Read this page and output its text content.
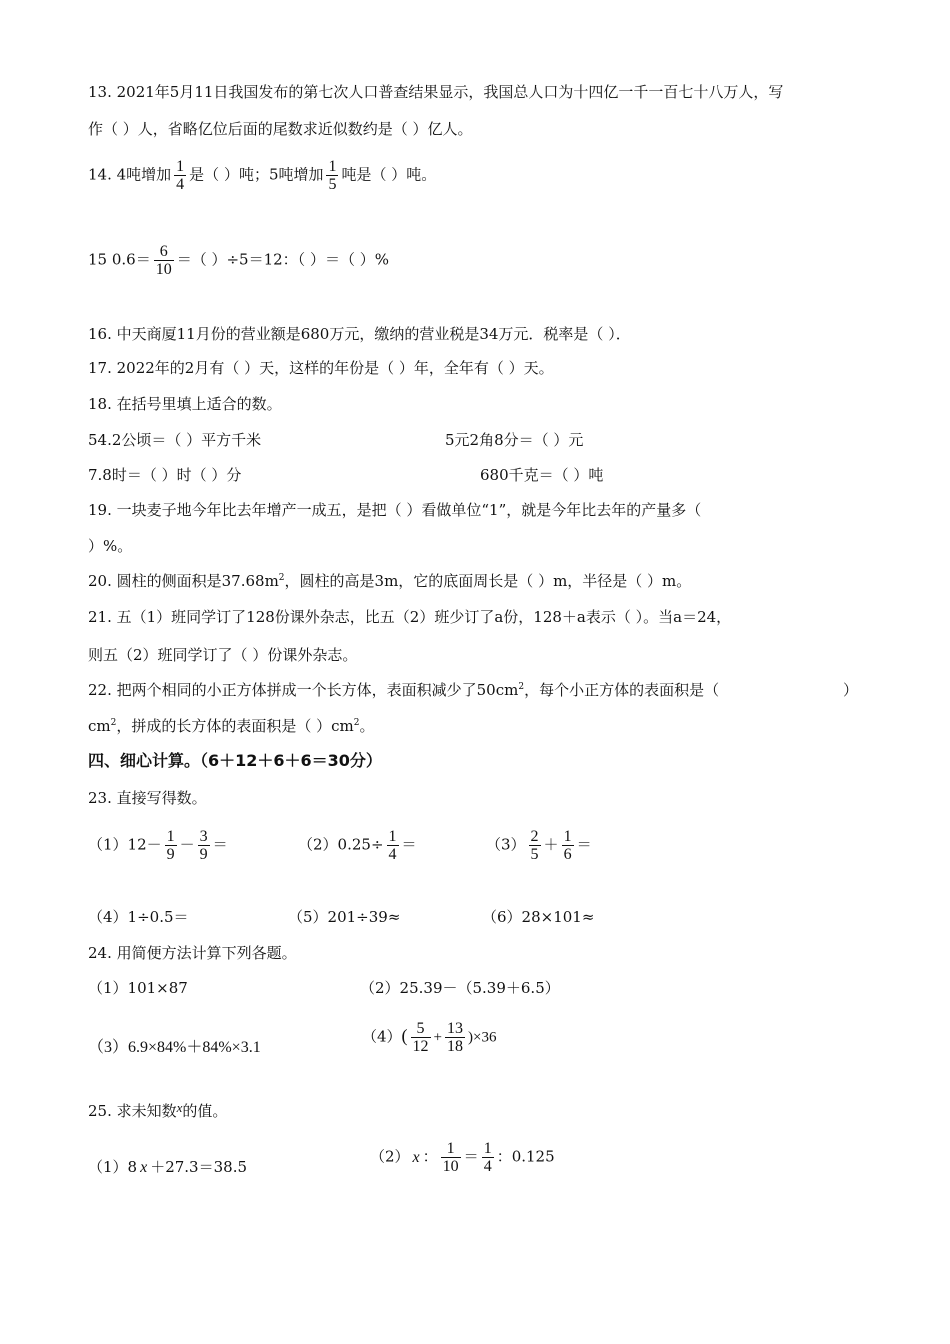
13. 2021年5月11日我国发布的第七次人口普查结果显示，我国总人口为十四亿一千一百七十八万人，写
作（ ）人，省略亿位后面的尾数求近似数约是（ ）亿人。
14. 4吨增加 $\frac{1}{4}$ 是（ ）吨；5吨增加 $\frac{1}{5}$ 吨是（ ）吨。
15 $0.6= \frac{6}{10}$ ＝（ ）÷5＝12：（ ）＝（ ）%
16. 中天商厦11月份的营业额是680万元，缴纳的营业税是34万元．税率是（ ）．
17. 2022年的2月有（ ）天，这样的年份是（ ）年，全年有（ ）天。
18. 在括号里填上适合的数。
54.2公顷＝（ ）平方千米	5元2角8分＝（ ）元
7.8时＝（ ）时（ ）分	680千克＝（ ）吨
19. 一块麦子地今年比去年增产一成五，是把（ ）看做单位“1”，就是今年比去年的产量多（
）%。
20. 圆柱的侧面积是$37.68m^2$，圆柱的高是3m，它的底面周长是（ ）m，半径是（ ）m。
21. 五（1）班同学订了128份课外杂志，比五（2）班少订了a份，128＋a表示（ ）。当a＝24，
则五（2）班同学订了（ ）份课外杂志。
22. 把两个相同的小正方体拼成一个长方体，表面积减少了$50cm^2$，每个小正方体的表面积是（	）
$cm^2$，拼成的长方体的表面积是（ ）$cm^2$。
四、细心计算。（6＋12＋6＋6＝30分）
23. 直接写得数。
$(1)12- \frac{1}{9} - \frac{3}{9}$ ＝	$(2)0.25\div \frac{1}{4}$ ＝	$(3) \frac{2}{5} + \frac{1}{6}$ ＝
（4）1÷0.5＝	（5）201÷39≈	（6）28×101≈
24. 用简便方法计算下列各题。
（1）101×87	（2）25.39－（5.39＋6.5）
（3）6.9×84%＋84%×3.1
$(4)( \frac{5}{12} + \frac{13}{18} )\times 36$
25. 求未知数x的值。
（1）8 x ＋27.3＝38.5
（2） x ： $\frac{1}{10} = \frac{1}{4}$ ：0.125
